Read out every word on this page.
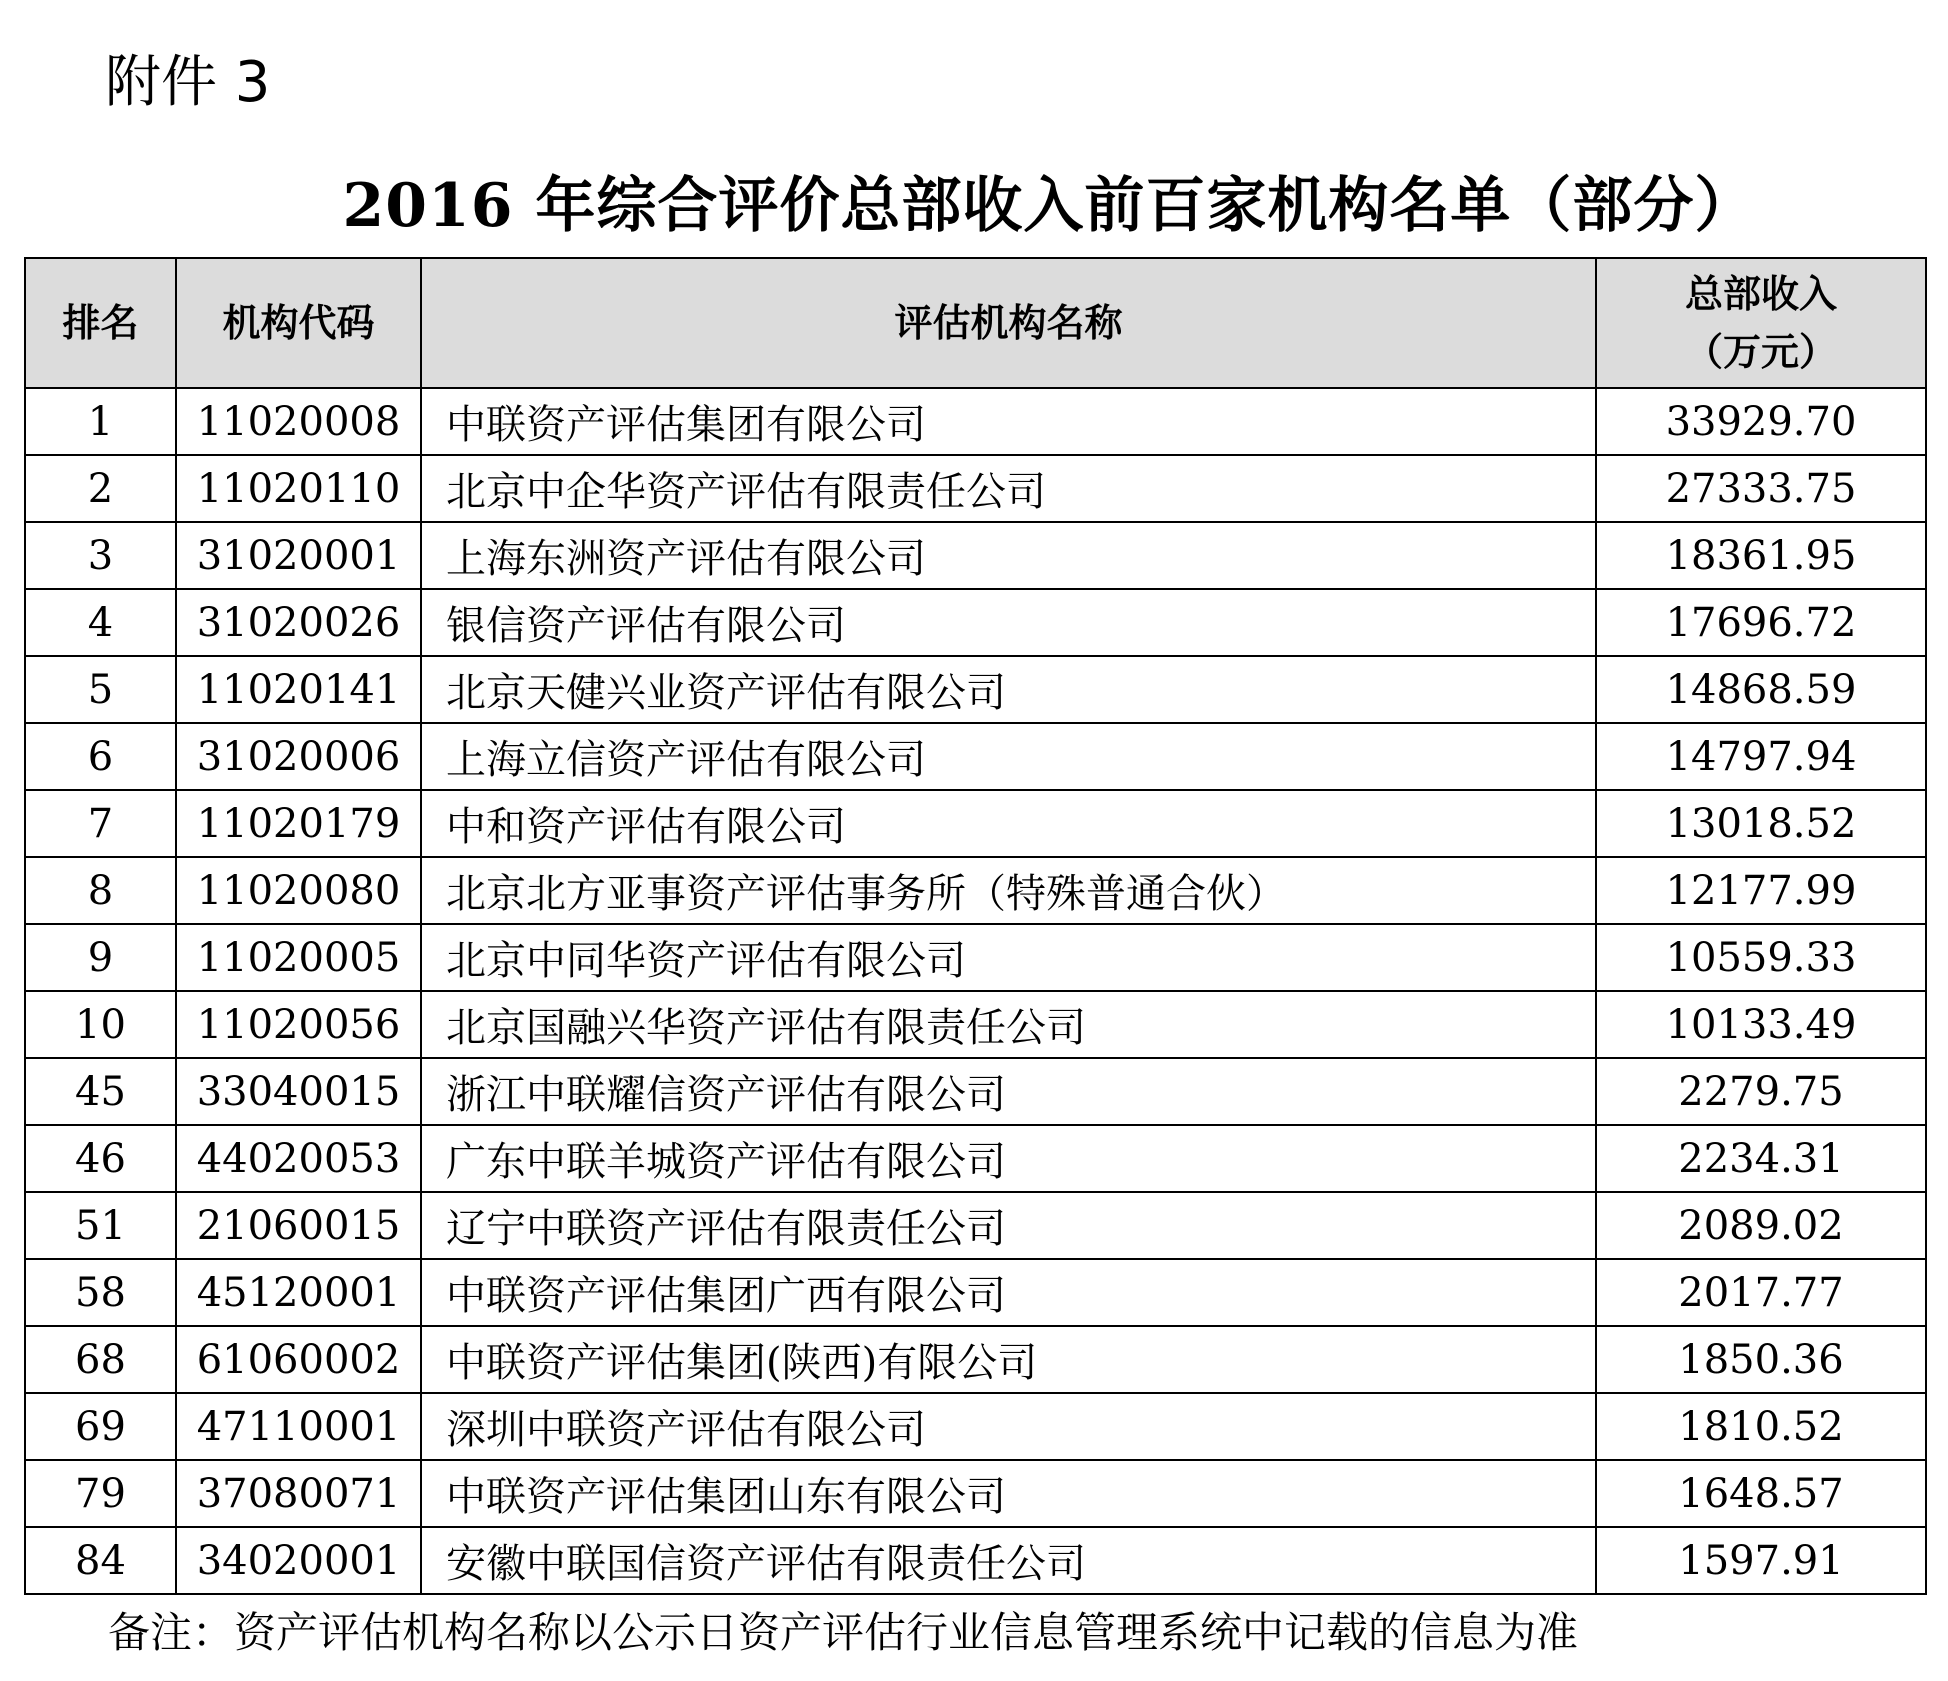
附件 3
2016 年综合评价总部收入前百家机构名单（部分）
排名	机构代码	评估机构名称	总部收入
（万元）

1	11020008	中联资产评估集团有限公司	33929.70
2	11020110	北京中企华资产评估有限责任公司	27333.75
3	31020001	上海东洲资产评估有限公司	18361.95
4	31020026	银信资产评估有限公司	17696.72
5	11020141	北京天健兴业资产评估有限公司	14868.59
6	31020006	上海立信资产评估有限公司	14797.94
7	11020179	中和资产评估有限公司	13018.52
8	11020080	北京北方亚事资产评估事务所（特殊普通合伙）	12177.99
9	11020005	北京中同华资产评估有限公司	10559.33
10	11020056	北京国融兴华资产评估有限责任公司	10133.49
45	33040015	浙江中联耀信资产评估有限公司	2279.75
46	44020053	广东中联羊城资产评估有限公司	2234.31
51	21060015	辽宁中联资产评估有限责任公司	2089.02
58	45120001	中联资产评估集团广西有限公司	2017.77
68	61060002	中联资产评估集团(陕西)有限公司	1850.36
69	47110001	深圳中联资产评估有限公司	1810.52
79	37080071	中联资产评估集团山东有限公司	1648.57
84	34020001	安徽中联国信资产评估有限责任公司	1597.91
备注：资产评估机构名称以公示日资产评估行业信息管理系统中记载的信息为准
